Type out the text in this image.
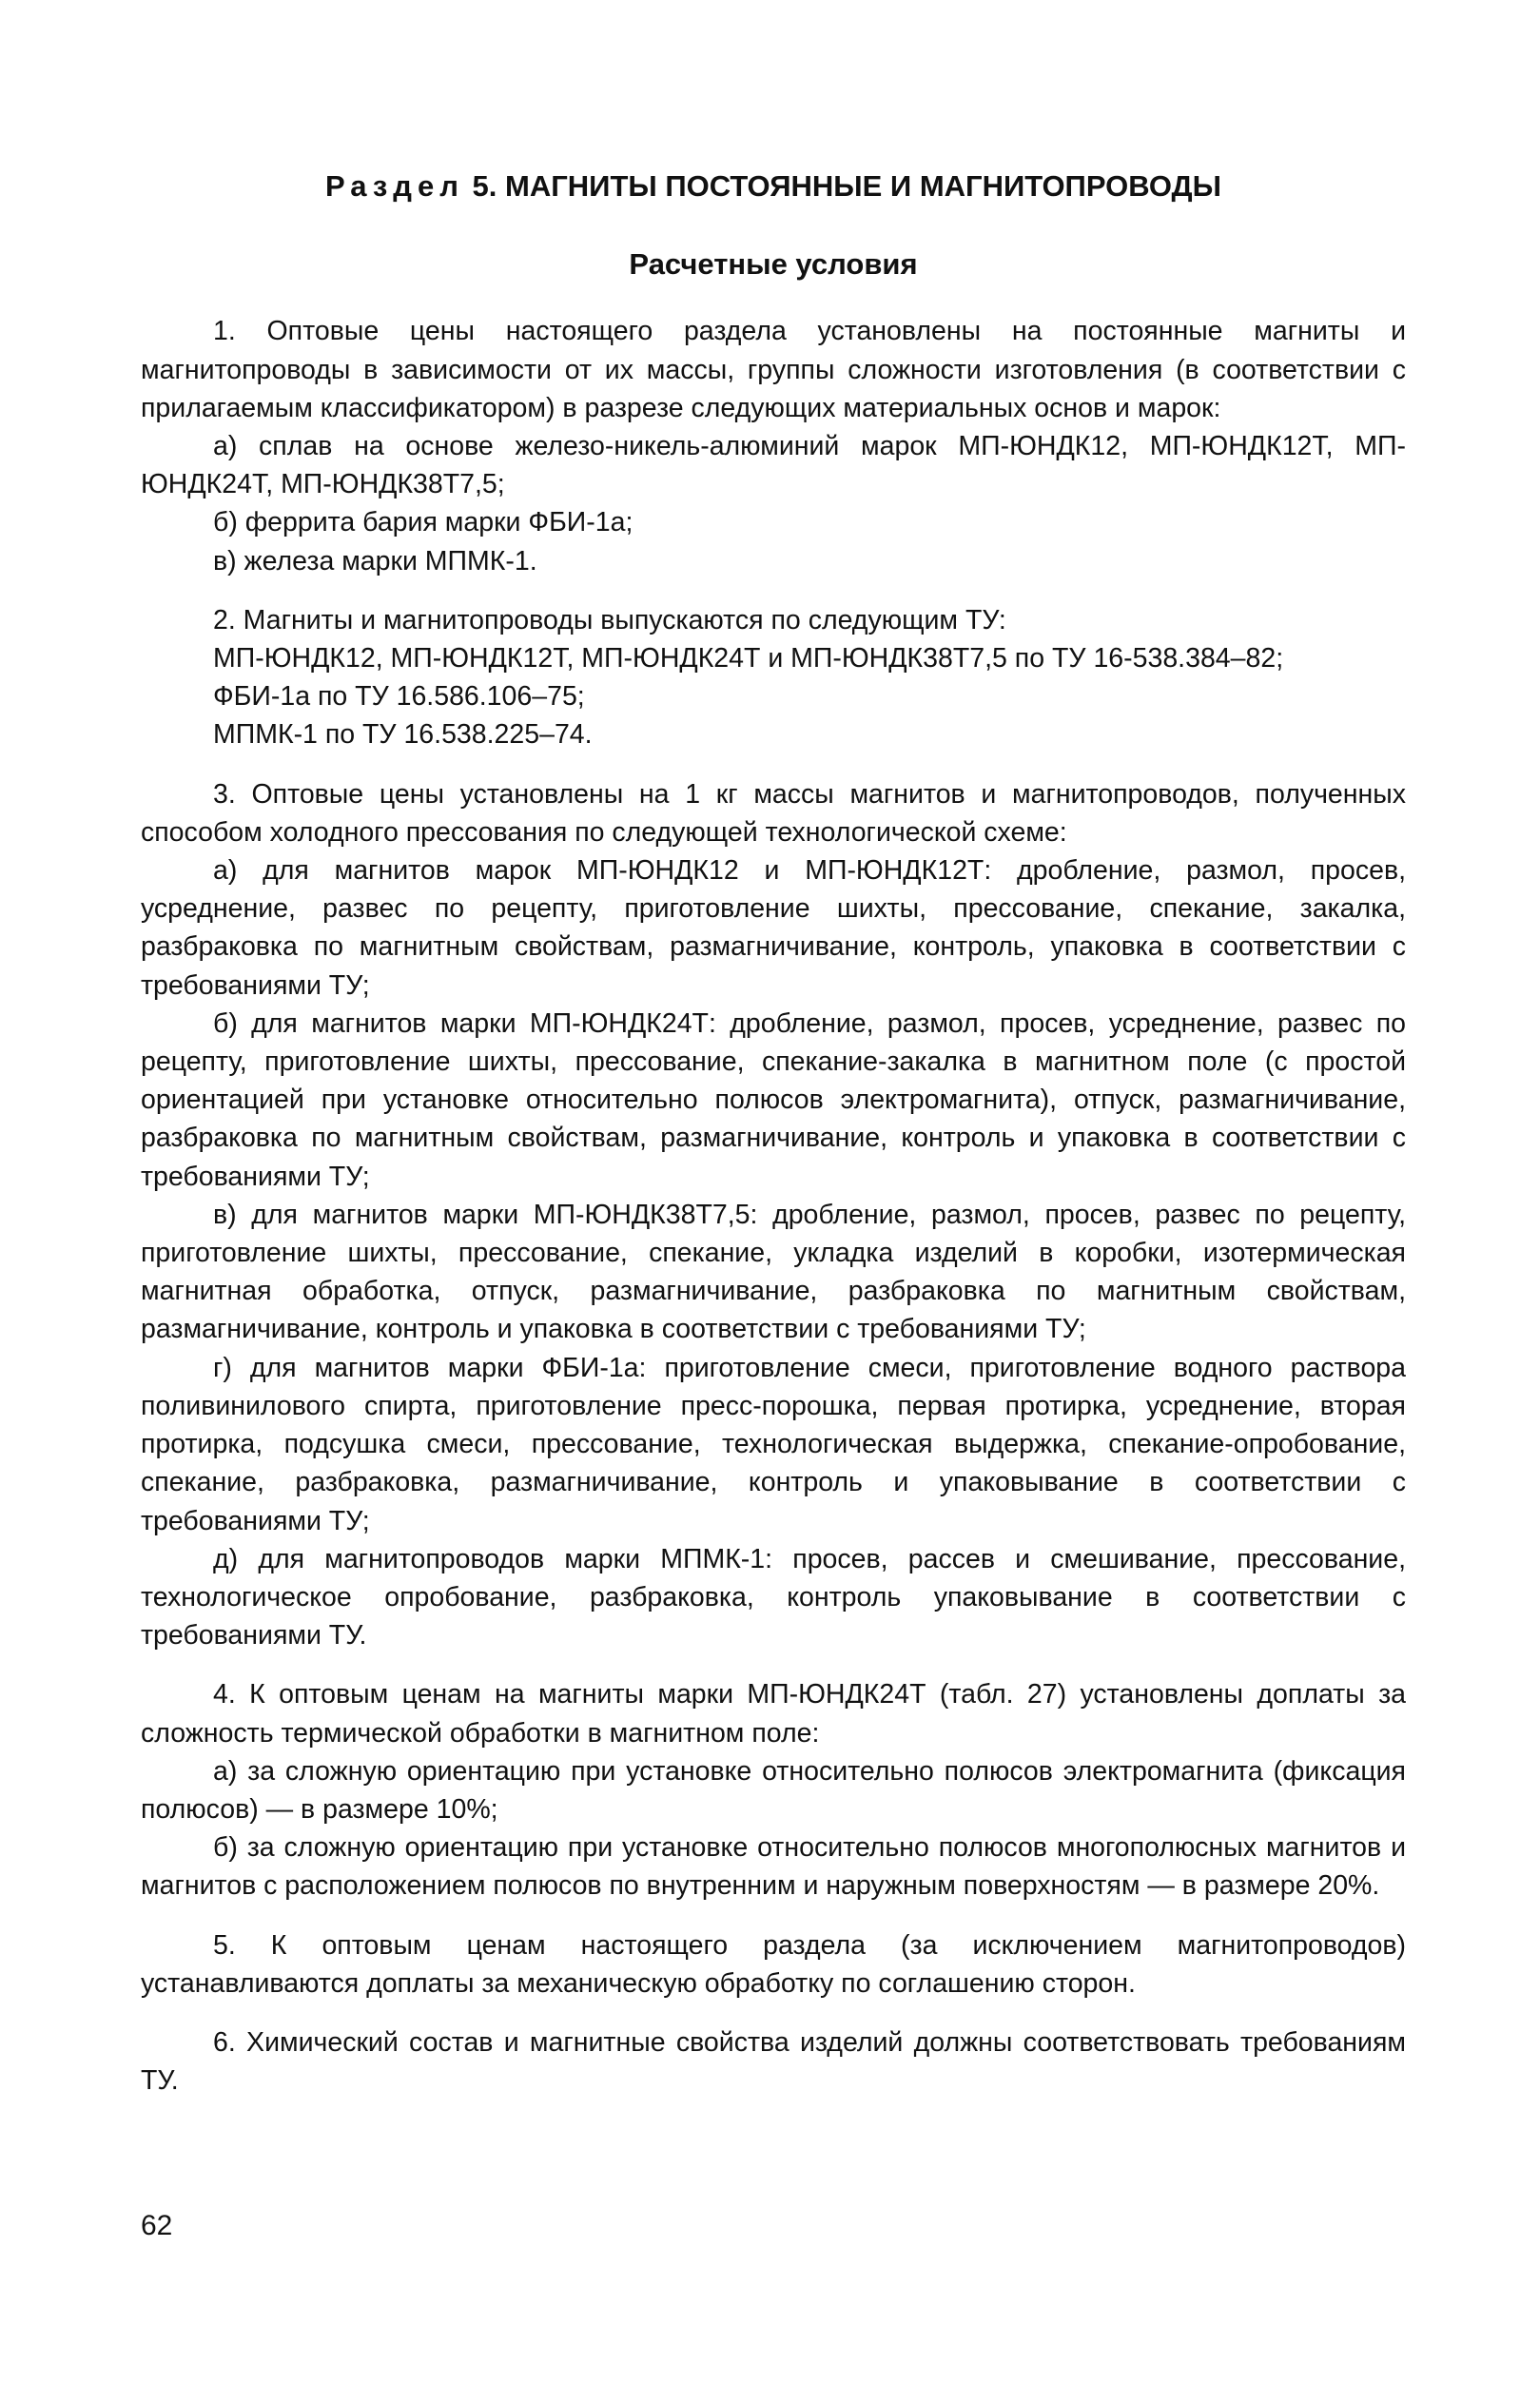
Раздел 5. МАГНИТЫ ПОСТОЯННЫЕ И МАГНИТОПРОВОДЫ
Расчетные условия

1. Оптовые цены настоящего раздела установлены на постоянные магниты и магнитопроводы в зависимости от их массы, группы сложности изготовления (в соответствии с прилагаемым классификатором) в разрезе следующих материальных основ и марок:

а) сплав на основе железо-никель-алюминий марок МП-ЮНДК12, МП-ЮНДК12Т, МП-ЮНДК24Т, МП-ЮНДК38Т7,5;

б) феррита бария марки ФБИ-1а;

в) железа марки МПМК-1.

2. Магниты и магнитопроводы выпускаются по следующим ТУ:

МП-ЮНДК12, МП-ЮНДК12Т, МП-ЮНДК24Т и МП-ЮНДК38Т7,5 по ТУ 16-538.384–82;

ФБИ-1а по ТУ 16.586.106–75;

МПМК-1 по ТУ 16.538.225–74.

3. Оптовые цены установлены на 1 кг массы магнитов и магнитопроводов, полученных способом холодного прессования по следующей технологической схеме:

а) для магнитов марок МП-ЮНДК12 и МП-ЮНДК12Т: дробление, размол, просев, усреднение, развес по рецепту, приготовление шихты, прессование, спекание, закалка, разбраковка по магнитным свойствам, размагничивание, контроль, упаковка в соответствии с требованиями ТУ;

б) для магнитов марки МП-ЮНДК24Т: дробление, размол, просев, усреднение, развес по рецепту, приготовление шихты, прессование, спекание-закалка в магнитном поле (с простой ориентацией при установке относительно полюсов электромагнита), отпуск, размагничивание, разбраковка по магнитным свойствам, размагничивание, контроль и упаковка в соответствии с требованиями ТУ;

в) для магнитов марки МП-ЮНДК38Т7,5: дробление, размол, просев, развес по рецепту, приготовление шихты, прессование, спекание, укладка изделий в коробки, изотермическая магнитная обработка, отпуск, размагничивание, разбраковка по магнитным свойствам, размагничивание, контроль и упаковка в соответствии с требованиями ТУ;

г) для магнитов марки ФБИ-1а: приготовление смеси, приготовление водного раствора поливинилового спирта, приготовление пресс-порошка, первая протирка, усреднение, вторая протирка, подсушка смеси, прессование, технологическая выдержка, спекание-опробование, спекание, разбраковка, размагничивание, контроль и упаковывание в соответствии с требованиями ТУ;

д) для магнитопроводов марки МПМК-1: просев, рассев и смешивание, прессование, технологическое опробование, разбраковка, контроль упаковывание в соответствии с требованиями ТУ.

4. К оптовым ценам на магниты марки МП-ЮНДК24Т (табл. 27) установлены доплаты за сложность термической обработки в магнитном поле:

а) за сложную ориентацию при установке относительно полюсов электромагнита (фиксация полюсов) — в размере 10%;

б) за сложную ориентацию при установке относительно полюсов многополюсных магнитов и магнитов с расположением полюсов по внутренним и наружным поверхностям — в размере 20%.

5. К оптовым ценам настоящего раздела (за исключением магнитопроводов) устанавливаются доплаты за механическую обработку по соглашению сторон.

6. Химический состав и магнитные свойства изделий должны соответствовать требованиям ТУ.

62
